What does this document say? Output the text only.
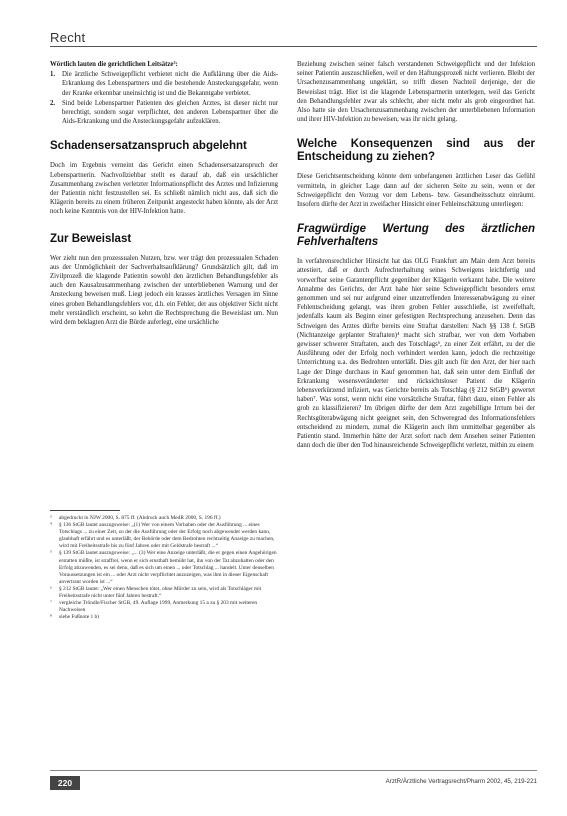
Recht

Wörtlich lauten die gerichtlichen Leitsätze³:

1.	Die ärztliche Schweigepflicht verbietet nicht die Aufklärung über die Aids-Erkrankung des Lebenspartners und die bestehende Ansteckungsgefahr, wenn der Kranke erkennbar uneinsichtig ist und die Bekanntgabe verbietet.
2.	Sind beide Lebenspartner Patienten des gleichen Arztes, ist dieser nicht nur berechtigt, sondern sogar verpflichtet, den anderen Lebenspartner über die Aids-Erkrankung und die Ansteckungsgefahr aufzuklären.
Schadensersatzanspruch abgelehnt

Doch im Ergebnis verneint das Gericht einen Schadensersatzanspruch der Lebenspartnerin. Nachvollziehbar stellt es darauf ab, daß ein ursächlicher Zusammenhang zwischen verletzter Informationspflicht des Arztes und Infizierung der Patientin nicht festzustellen sei. Es schließt nämlich nicht aus, daß sich die Klägerin bereits zu einem früheren Zeitpunkt angesteckt haben könnte, als der Arzt noch keine Kenntnis von der HIV-Infektion hatte.

Zur Beweislast

Wer zieht nun den prozessualen Nutzen, bzw. wer trägt den prozessualen Schaden aus der Unmöglichkeit der Sachverhaltsaufklärung? Grundsätzlich gilt, daß im Zivilprozeß die klagende Patientin sowohl den ärztlichen Behandlungsfehler als auch den Kausalzusammenhang zwischen der unterbliebenen Warnung und der Ansteckung beweisen muß. Liegt jedoch ein krasses ärztliches Versagen im Sinne eines groben Behandlungsfehlers vor, d.h. ein Fehler, der aus objektiver Sicht nicht mehr verständlich erscheint, so kehrt die Rechtsprechung die Beweislast um. Nun wird dem beklagten Arzt die Bürde auferlegt, eine ursächliche

³	abgedruckt in NJW 2000, S. 875 ff. (Abdruck auch MedR 2000, S. 196 ff.)
⁴	§ 136 StGB lautet auszugsweise: „(1) Wer von einem Vorhaben oder der Ausführung ... eines Totschlags ... zu einer Zeit, zu der die Ausführung oder der Erfolg noch abgewendet werden kann, glaubhaft erfährt und es unterläßt, der Behörde oder dem Bedrohten rechtzeitig Anzeige zu machen, wird mit Freiheitsstrafe bis zu fünf Jahren oder mit Geldstrafe bestraft ...“
⁵	§ 139 StGB lautet auszugsweise: „... (3) Wer eine Anzeige unterläßt, die er gegen einen Angehörigen erstatten müßte, ist straffrei, wenn er sich ernsthaft bemüht hat, ihn von der Tat abzuhalten oder den Erfolg abzuwenden, es sei denn, daß es sich um einen ... oder Totschlag ... handelt. Unter denselben Voraussetzungen ist ein ... oder Arzt nicht verpflichtet anzuzeigen, was ihm in dieser Eigenschaft anvertraut worden ist ...“
⁶	§ 212 StGB lautet: „Wer einen Menschen tötet, ohne Mörder zu sein, wird als Totschläger mit Freiheitsstrafe nicht unter fünf Jahren bestraft.“
⁷	vergleiche Tröndle/Fischer StGB, 49. Auflage 1999, Anmerkung 15 a zu § 203 mit weiteren Nachweisen
⁸	siehe Fußnote 1 b)

Beziehung zwischen seiner falsch verstandenen Schweigepflicht und der Infektion seiner Patientin auszuschließen, weil er den Haftungsprozeß nicht verlieren. Bleibt der Ursachenzusammenhang ungeklärt, so trifft diesen Nachteil derjenige, der die Beweislast trägt. Hier ist die klagende Lebenspartnerin unterlegen, weil das Gericht den Behandlungsfehler zwar als schlecht, aber nicht mehr als grob eingeordnet hat. Also hatte sie den Ursachenzusammenhang zwischen der unterbliebenen Information und ihrer HIV-Infektion zu beweisen, was ihr nicht gelang.

Welche Konsequenzen sind aus der Entscheidung zu ziehen?

Diese Gerichtsentscheidung könnte dem unbefangenen ärztlichen Leser das Gefühl vermitteln, in gleicher Lage dann auf der sicheren Seite zu sein, wenn er der Schweigepflicht den Vorzug vor dem Lebens- bzw. Gesundheitsschutz einräumt. Insofern dürfte der Arzt in zweifacher Hinsicht einer Fehleinschätzung unterliegen:

Fragwürdige Wertung des ärztlichen Fehlverhaltens

In verfahrensrechtlicher Hinsicht hat das OLG Frankfurt am Main dem Arzt bereits attestiert, daß er durch Aufrechterhaltung seines Schweigens leichtfertig und vorwerfbar seine Garantenpflicht gegenüber der Klägerin verkannt habe. Die weitere Annahme des Gerichts, der Arzt habe hier seine Schweigepflicht besonders ernst genommen und sei nur aufgrund einer unzutreffenden Interessenabwägung zu einer Fehlentscheidung gelangt, was ihren groben Fehler ausschließe, ist zweifelhaft, jedenfalls kaum als Beginn einer gefestigten Rechtsprechung anzusehen. Denn das Schweigen des Arztes dürfte bereits eine Straftat darstellen: Nach §§ 138 f. StGB (Nichtanzeige geplanter Straftaten)⁴ macht sich strafbar, wer von dem Vorhaben gewisser schwerer Straftaten, auch des Totschlags⁶, zu einer Zeit erfährt, zu der die Ausführung oder der Erfolg noch verhindert werden kann, jedoch die rechtzeitige Unterrichtung u.a. des Bedrohten unterläßt. Dies gilt auch für den Arzt, der hier nach Lage der Dinge durchaus in Kauf genommen hat, daß sein unter dem Einfluß der Erkrankung wesensveränderter und rücksichtsloser Patient die Klägerin lebensverkürzend infiziert, was Gerichte bereits als Totschlag (§ 212 StGB⁶) gewertet haben⁷. Was sonst, wenn nicht eine vorsätzliche Straftat, führt dazu, einen Fehler als grob zu klassifizieren? Im übrigen dürfte der dem Arzt zugebilligte Irrtum bei der Rechtsgüterabwägung nicht geeignet sein, den Schweregrad des Informationsfehlers entscheidend zu mindern, zumal die Klägerin auch ihm unmittelbar gegenüber als Patientin stand. Immerhin hätte der Arzt sofort nach dem Ansehen seiner Patienten dann doch die über den Tod hinausreichende Schweigepflicht verletzt, mithin zu einem

220	ArztR/Ärztliche Vertragsrecht/Pharm 2002, 45, 219-221
